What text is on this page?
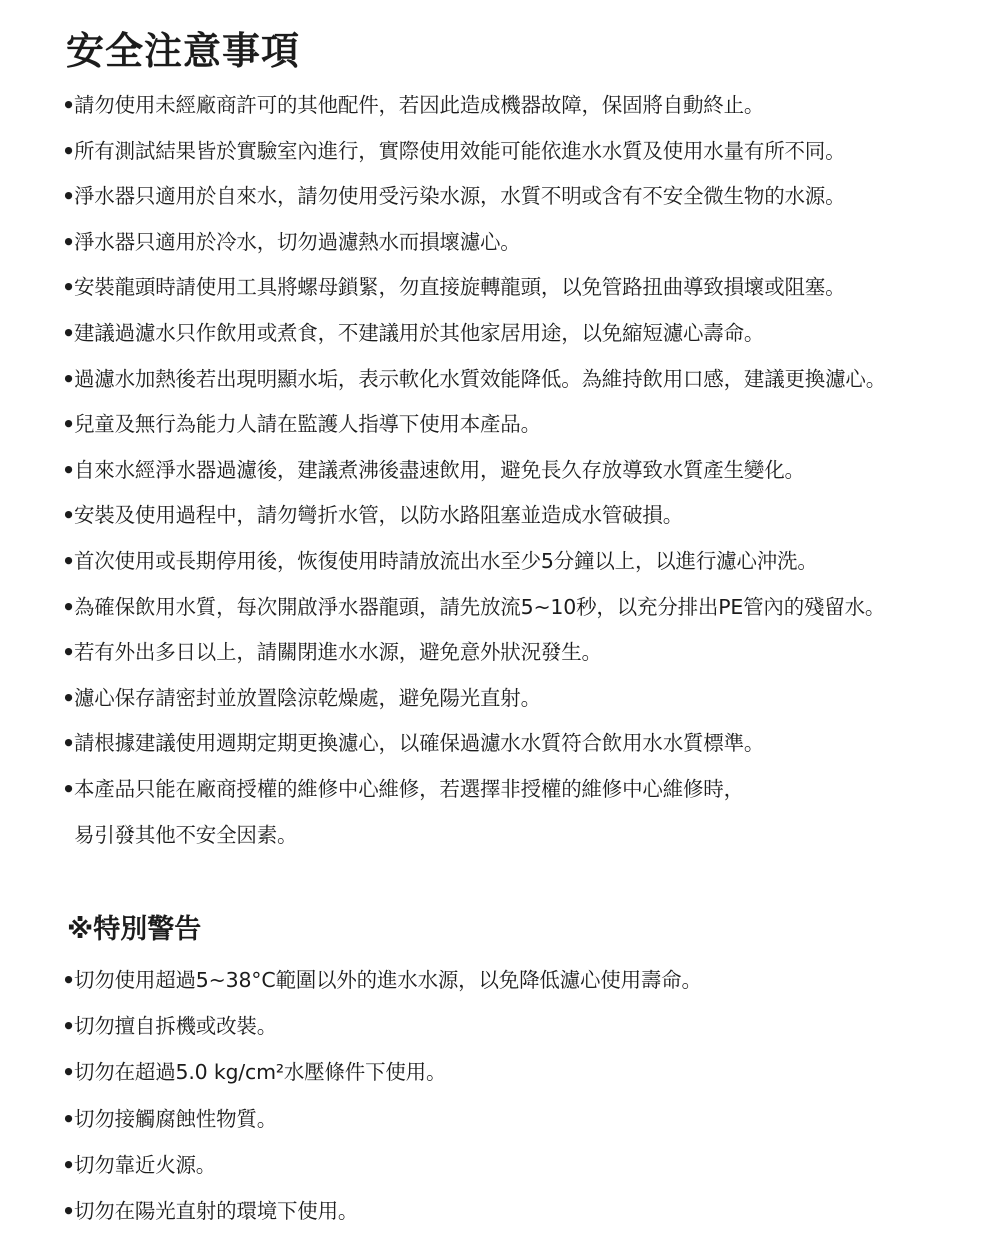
安全注意事項
•
請勿使用未經廠商許可的其他配件，若因此造成機器故障，保固將自動終止。
•
所有測試結果皆於實驗室內進行，實際使用效能可能依進水水質及使用水量有所不同。
•
淨水器只適用於自來水，請勿使用受污染水源，水質不明或含有不安全微生物的水源。
•
淨水器只適用於冷水，切勿過濾熱水而損壞濾心。
•
安裝龍頭時請使用工具將螺母鎖緊，勿直接旋轉龍頭，以免管路扭曲導致損壞或阻塞。
•
建議過濾水只作飲用或煮食，不建議用於其他家居用途，以免縮短濾心壽命。
•
過濾水加熱後若出現明顯水垢，表示軟化水質效能降低。為維持飲用口感，建議更換濾心。
•
兒童及無行為能力人請在監護人指導下使用本產品。
•
自來水經淨水器過濾後，建議煮沸後盡速飲用，避免長久存放導致水質產生變化。
•
安裝及使用過程中，請勿彎折水管，以防水路阻塞並造成水管破損。
•
首次使用或長期停用後，恢復使用時請放流出水至少5分鐘以上，以進行濾心沖洗。
•
為確保飲用水質，每次開啟淨水器龍頭，請先放流5~10秒，以充分排出PE管內的殘留水。
•
若有外出多日以上，請關閉進水水源，避免意外狀況發生。
•
濾心保存請密封並放置陰涼乾燥處，避免陽光直射。
•
請根據建議使用週期定期更換濾心，以確保過濾水水質符合飲用水水質標準。
•
本產品只能在廠商授權的維修中心維修，若選擇非授權的維修中心維修時，
易引發其他不安全因素。
※特別警告
•
切勿使用超過5~38°C範圍以外的進水水源，以免降低濾心使用壽命。
•
切勿擅自拆機或改裝。
•
切勿在超過5.0 kg/cm²水壓條件下使用。
•
切勿接觸腐蝕性物質。
•
切勿靠近火源。
•
切勿在陽光直射的環境下使用。
